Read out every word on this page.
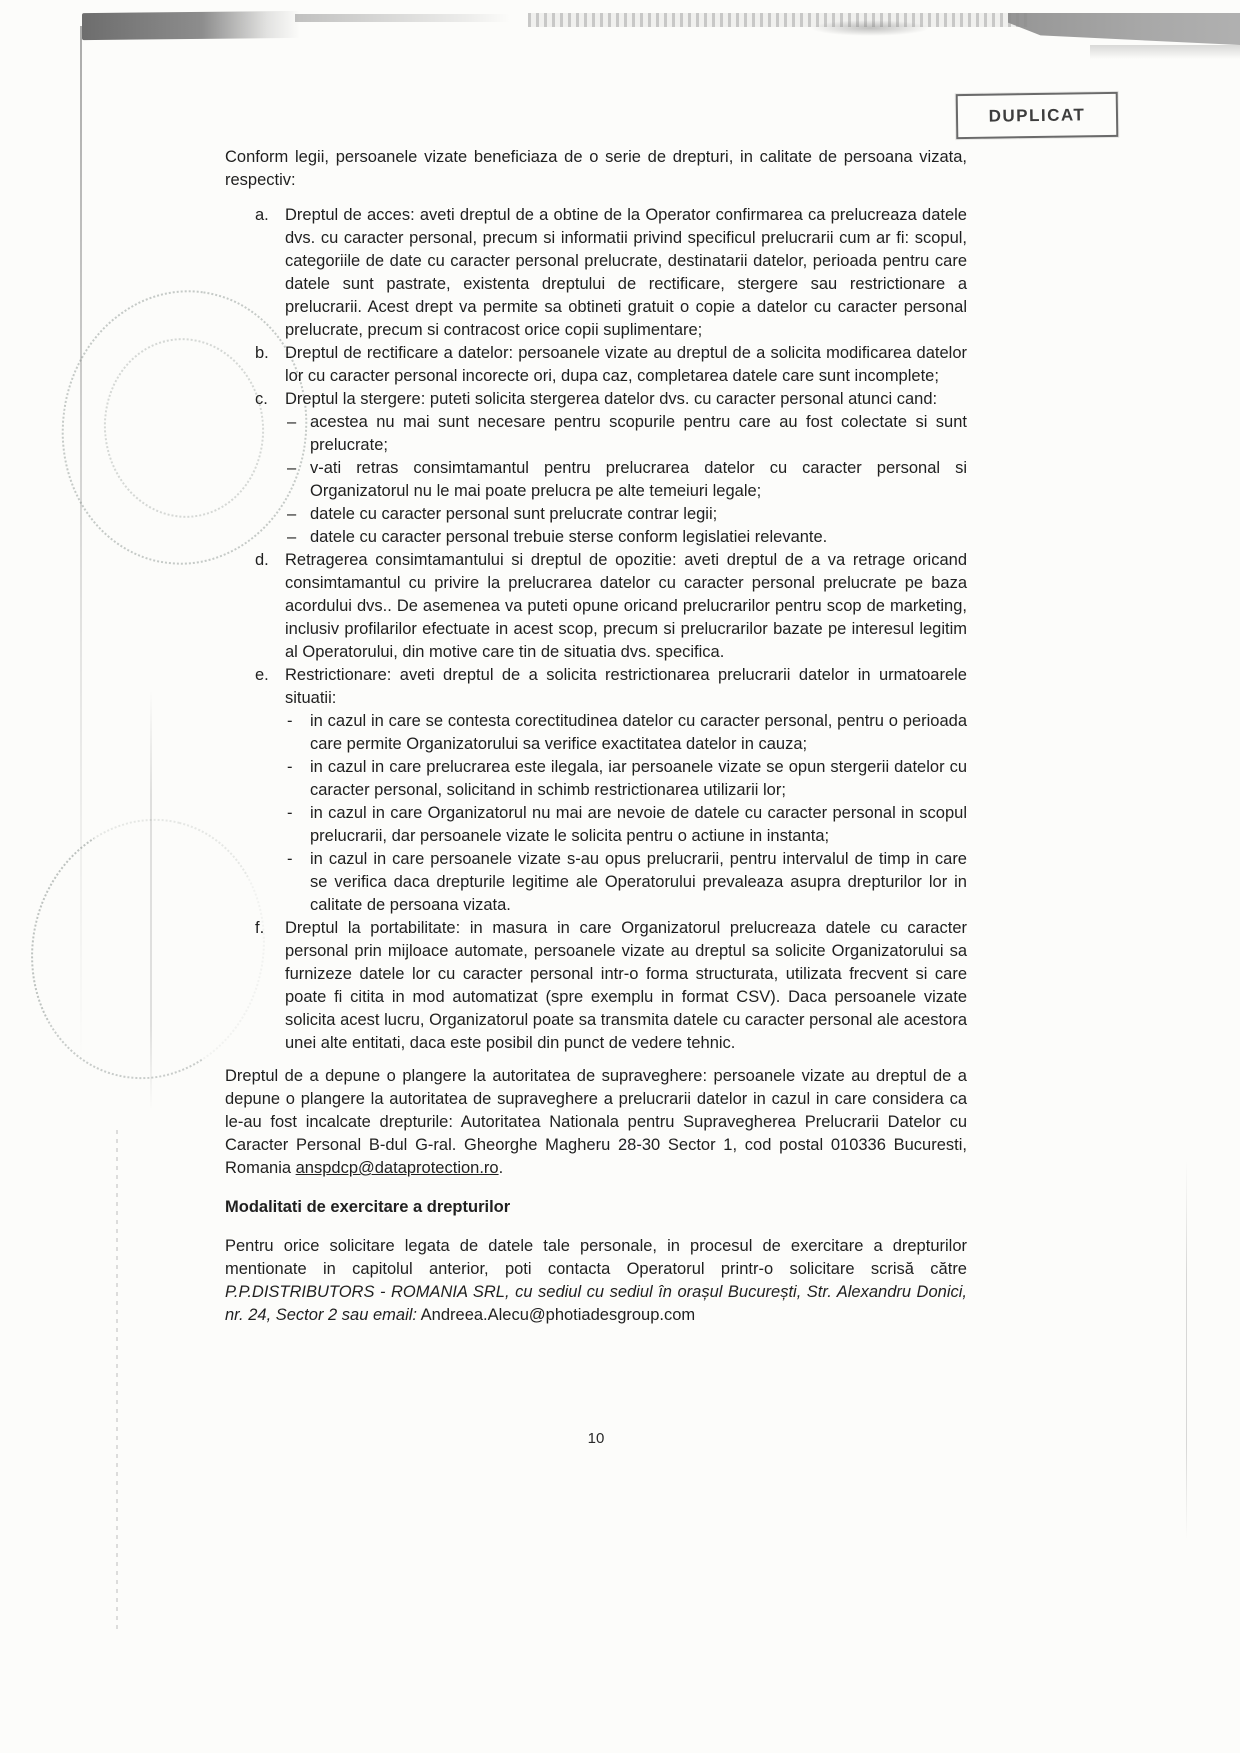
DUPLICAT
Conform legii, persoanele vizate beneficiaza de o serie de drepturi, in calitate de persoana vizata, respectiv:
a. Dreptul de acces: aveti dreptul de a obtine de la Operator confirmarea ca prelucreaza datele dvs. cu caracter personal, precum si informatii privind specificul prelucrarii cum ar fi: scopul, categoriile de date cu caracter personal prelucrate, destinatarii datelor, perioada pentru care datele sunt pastrate, existenta dreptului de rectificare, stergere sau restrictionare a prelucrarii. Acest drept va permite sa obtineti gratuit o copie a datelor cu caracter personal prelucrate, precum si contracost orice copii suplimentare;
b. Dreptul de rectificare a datelor: persoanele vizate au dreptul de a solicita modificarea datelor lor cu caracter personal incorecte ori, dupa caz, completarea datele care sunt incomplete;
c. Dreptul la stergere: puteti solicita stergerea datelor dvs. cu caracter personal atunci cand:
– acestea nu mai sunt necesare pentru scopurile pentru care au fost colectate si sunt prelucrate;
– v-ati retras consimtamantul pentru prelucrarea datelor cu caracter personal si Organizatorul nu le mai poate prelucra pe alte temeiuri legale;
– datele cu caracter personal sunt prelucrate contrar legii;
– datele cu caracter personal trebuie sterse conform legislatiei relevante.
d. Retragerea consimtamantului si dreptul de opozitie: aveti dreptul de a va retrage oricand consimtamantul cu privire la prelucrarea datelor cu caracter personal prelucrate pe baza acordului dvs.. De asemenea va puteti opune oricand prelucrarilor pentru scop de marketing, inclusiv profilarilor efectuate in acest scop, precum si prelucrarilor bazate pe interesul legitim al Operatorului, din motive care tin de situatia dvs. specifica.
e. Restrictionare: aveti dreptul de a solicita restrictionarea prelucrarii datelor in urmatoarele situatii:
- in cazul in care se contesta corectitudinea datelor cu caracter personal, pentru o perioada care permite Organizatorului sa verifice exactitatea datelor in cauza;
- in cazul in care prelucrarea este ilegala, iar persoanele vizate se opun stergerii datelor cu caracter personal, solicitand in schimb restrictionarea utilizarii lor;
- in cazul in care Organizatorul nu mai are nevoie de datele cu caracter personal in scopul prelucrarii, dar persoanele vizate le solicita pentru o actiune in instanta;
- in cazul in care persoanele vizate s-au opus prelucrarii, pentru intervalul de timp in care se verifica daca drepturile legitime ale Operatorului prevaleaza asupra drepturilor lor in calitate de persoana vizata.
f. Dreptul la portabilitate: in masura in care Organizatorul prelucreaza datele cu caracter personal prin mijloace automate, persoanele vizate au dreptul sa solicite Organizatorului sa furnizeze datele lor cu caracter personal intr-o forma structurata, utilizata frecvent si care poate fi citita in mod automatizat (spre exemplu in format CSV). Daca persoanele vizate solicita acest lucru, Organizatorul poate sa transmita datele cu caracter personal ale acestora unei alte entitati, daca este posibil din punct de vedere tehnic.
Dreptul de a depune o plangere la autoritatea de supraveghere: persoanele vizate au dreptul de a depune o plangere la autoritatea de supraveghere a prelucrarii datelor in cazul in care considera ca le-au fost incalcate drepturile: Autoritatea Nationala pentru Supravegherea Prelucrarii Datelor cu Caracter Personal B-dul G-ral. Gheorghe Magheru 28-30 Sector 1, cod postal 010336 Bucuresti, Romania anspdcp@dataprotection.ro.
Modalitati de exercitare a drepturilor
Pentru orice solicitare legata de datele tale personale, in procesul de exercitare a drepturilor mentionate in capitolul anterior, poti contacta Operatorul printr-o solicitare scrisă către P.P.DISTRIBUTORS - ROMANIA SRL, cu sediul cu sediul în orașul București, Str. Alexandru Donici, nr. 24, Sector 2 sau email: Andreea.Alecu@photiadesgroup.com
10
